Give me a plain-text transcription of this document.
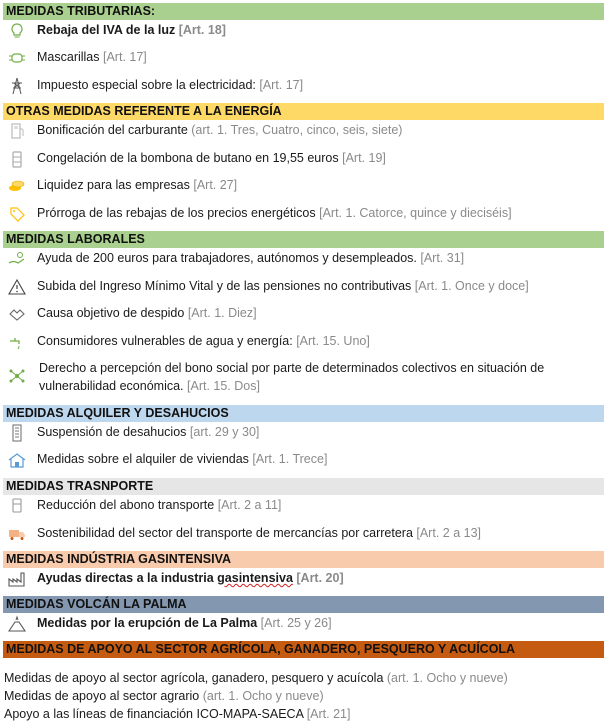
MEDIDAS TRIBUTARIAS:
Rebaja del IVA de la luz [Art. 18]
Mascarillas [Art. 17]
Impuesto especial sobre la electricidad: [Art. 17]
OTRAS MEDIDAS REFERENTE A LA ENERGÍA
Bonificación del carburante (art. 1. Tres, Cuatro, cinco, seis, siete)
Congelación de la bombona de butano en 19,55 euros [Art. 19]
Liquidez para las empresas [Art. 27]
Prórroga de las rebajas de los precios energéticos [Art. 1. Catorce, quince y dieciséis]
MEDIDAS LABORALES
Ayuda de 200 euros para trabajadores, autónomos y desempleados. [Art. 31]
Subida del Ingreso Mínimo Vital y de las pensiones no contributivas [Art. 1. Once y doce]
Causa objetivo de despido [Art. 1. Diez]
Consumidores vulnerables de agua y energía: [Art. 15. Uno]
Derecho a percepción del bono social por parte de determinados colectivos en situación de
vulnerabilidad económica. [Art. 15. Dos]
MEDIDAS ALQUILER Y DESAHUCIOS
Suspensión de desahucios [art. 29 y 30]
Medidas sobre el alquiler de viviendas [Art. 1. Trece]
MEDIDAS TRASNPORTE
Reducción del abono transporte [Art. 2 a 11]
Sostenibilidad del sector del transporte de mercancías por carretera [Art. 2 a 13]
MEDIDAS INDÚSTRIA GASINTENSIVA
Ayudas directas a la industria gasintensiva [Art. 20]
MEDIDAS VOLCÁN LA PALMA
Medidas por la erupción de La Palma [Art. 25 y 26]
MEDIDAS DE APOYO AL SECTOR AGRÍCOLA, GANADERO, PESQUERO Y ACUÍCOLA
Medidas de apoyo al sector agrícola, ganadero, pesquero y acuícola (art. 1. Ocho y nueve)
Medidas de apoyo al sector agrario (art. 1. Ocho y nueve)
Apoyo a las líneas de financiación ICO-MAPA-SAECA [Art. 21]
